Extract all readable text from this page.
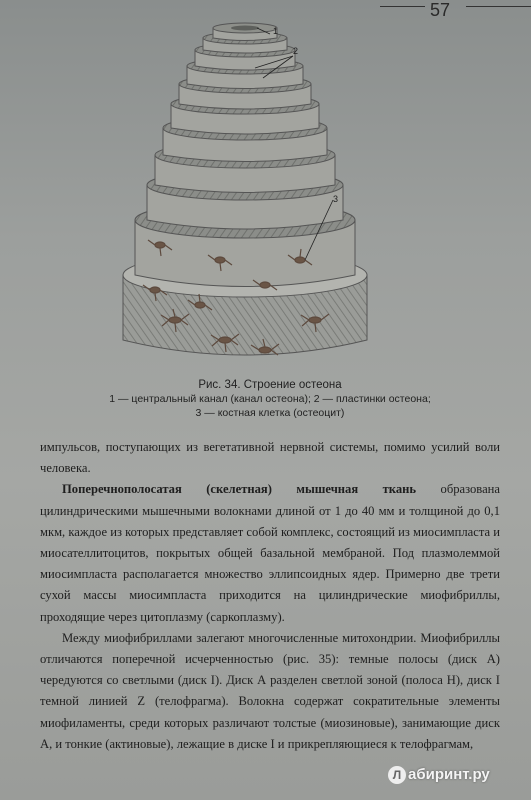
57
1
2
3
Рис. 34. Строение остеона
1 — центральный канал (канал остеона); 2 — пластинки остеона;
3 — костная клетка (остеоцит)

импульсов, поступающих из вегетативной нервной системы, помимо усилий воли человека.

Поперечнополосатая (скелетная) мышечная ткань образована цилиндрическими мышечными волокнами длиной от 1 до 40 мм и толщиной до 0,1 мкм, каждое из которых представляет собой комплекс, состоящий из миосимпласта и миосателлитоцитов, покрытых общей базальной мембраной. Под плазмолеммой миосимпласта располагается множество эллипсоидных ядер. Примерно две трети сухой массы миосимпласта приходится на цилиндрические миофибриллы, проходящие через цитоплазму (саркоплазму).

Между миофибриллами залегают многочисленные митохондрии. Миофибриллы отличаются поперечной исчерченностью (рис. 35): темные полосы (диск A) чередуются со светлыми (диск I). Диск А разделен светлой зоной (полоса H), диск I темной линией Z (телофрагма). Волокна содержат сократительные элементы миофиламенты, среди которых различают толстые (миозиновые), занимающие диск А, и тонкие (актиновые), лежащие в диске I и прикрепляющиеся к телофрагмам,

Л абиринт.ру
